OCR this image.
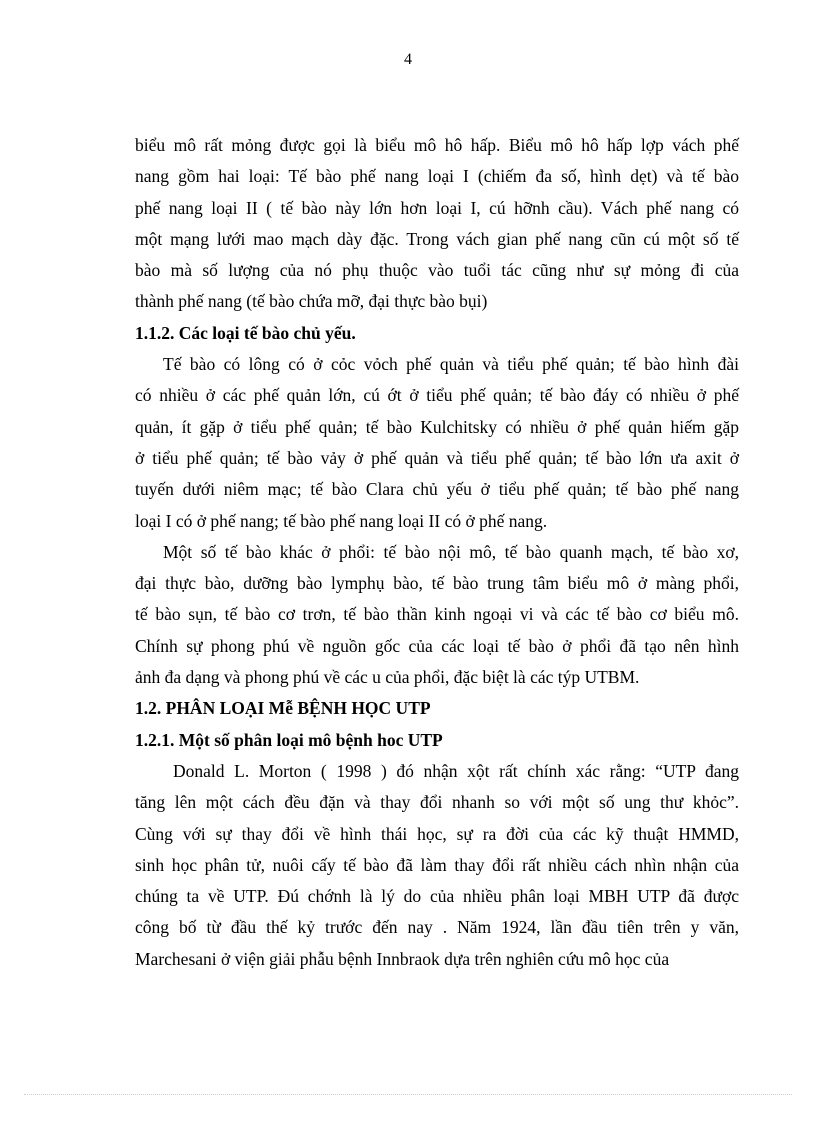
4
biểu mô rất mỏng được gọi là biểu mô hô hấp. Biểu mô hô hấp lợp vách phế
nang gồm hai loại: Tế bào phế nang loại I (chiếm đa số, hình dẹt) và tế bào
phế nang loại II ( tế bào này lớn hơn loại I, cú hỡnh cầu). Vách phế nang có
một mạng lưới mao mạch dày đặc. Trong vách gian phế nang cũn cú một số tế
bào mà số lượng của nó phụ thuộc vào tuổi tác cũng như sự mỏng đi của
thành phế nang (tế bào chứa mỡ, đại thực bào bụi)
1.1.2. Các loại tế bào chủ yếu.
Tế bào có lông có ở cỏc vỏch phế quản và tiểu phế quản; tế bào hình đài
có nhiều ở các phế quản lớn, cú ớt ở tiểu phế quản; tế bào đáy có nhiều ở phế
quản, ít gặp ở tiểu phế quản; tế bào Kulchitsky có nhiều ở phế quản hiếm gặp
ở tiểu phế quản; tế bào vảy ở phế quản và tiểu phế quản; tế bào lớn ưa axit ở
tuyến dưới niêm mạc; tế bào Clara chủ yếu ở tiểu phế quản; tế bào phế nang
loại I có ở phế nang; tế bào phế nang loại II có ở phế nang.
Một số tế bào khác ở phổi: tế bào nội mô, tế bào quanh mạch, tế bào xơ,
đại thực bào, dưỡng bào lymphụ bào, tế bào trung tâm biểu mô ở màng phổi,
tế bào sụn, tế bào cơ trơn, tế bào thần kinh ngoại vi và các tế bào cơ biểu mô.
Chính sự phong phú về nguồn gốc của các loại tế bào ở phổi đã tạo nên hình
ảnh đa dạng và phong phú về các u của phổi, đặc biệt là các týp UTBM.
1.2. PHÂN LOẠI Mễ BỆNH HỌC UTP
1.2.1. Một số phân loại mô bệnh hoc UTP
Donald L. Morton ( 1998 ) đó nhận xột rất chính xác rằng: “UTP đang
tăng lên một cách đều đặn và thay đổi nhanh so với một số ung thư khỏc”.
Cùng với sự thay đổi về hình thái học, sự ra đời của các kỹ thuật HMMD,
sinh học phân tử, nuôi cấy tế bào đã làm thay đổi rất nhiều cách nhìn nhận của
chúng ta về UTP. Đú chớnh là lý do của nhiều phân loại MBH UTP đã được
công bố từ đầu thế kỷ trước đến nay . Năm 1924, lần đầu tiên trên y văn,
Marchesani ở viện giải phẫu bệnh Innbraok dựa trên nghiên cứu mô học của
